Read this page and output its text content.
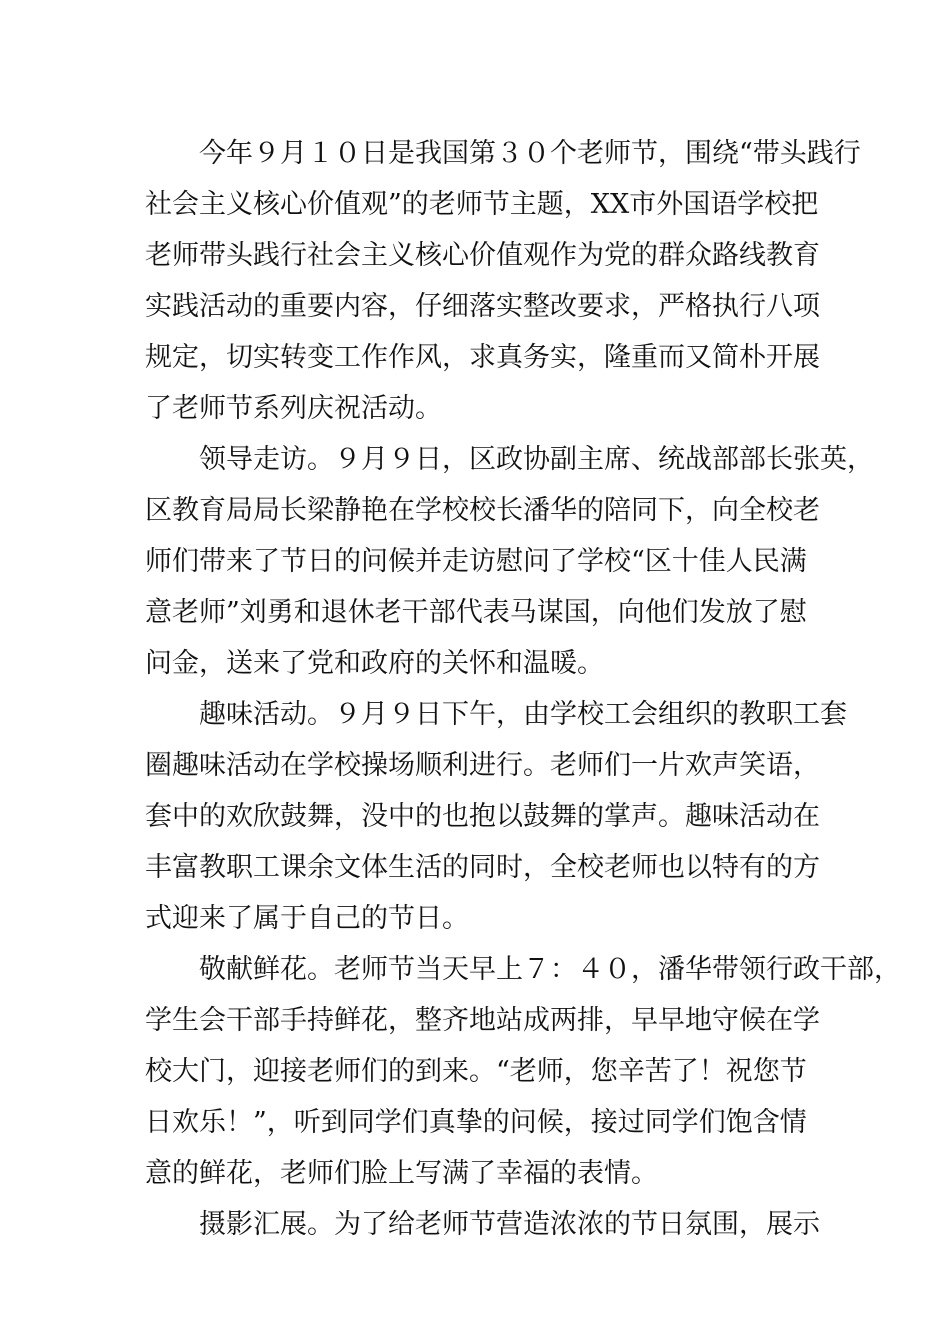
今年９月１０日是我国第３０个老师节，围绕“带头践行
社会主义核心价值观”的老师节主题，XX市外国语学校把
老师带头践行社会主义核心价值观作为党的群众路线教育
实践活动的重要内容，仔细落实整改要求，严格执行八项
规定，切实转变工作作风，求真务实，隆重而又简朴开展
了老师节系列庆祝活动。
领导走访。９月９日，区政协副主席、统战部部长张英，
区教育局局长梁静艳在学校校长潘华的陪同下，向全校老
师们带来了节日的问候并走访慰问了学校“区十佳人民满
意老师”刘勇和退休老干部代表马谋国，向他们发放了慰
问金，送来了党和政府的关怀和温暖。
趣味活动。９月９日下午，由学校工会组织的教职工套
圈趣味活动在学校操场顺利进行。老师们一片欢声笑语，
套中的欢欣鼓舞，没中的也抱以鼓舞的掌声。趣味活动在
丰富教职工课余文体生活的同时，全校老师也以特有的方
式迎来了属于自己的节日。
敬献鲜花。老师节当天早上７：４０，潘华带领行政干部，
学生会干部手持鲜花，整齐地站成两排，早早地守候在学
校大门，迎接老师们的到来。“老师，您辛苦了！祝您节
日欢乐！”，听到同学们真挚的问候，接过同学们饱含情
意的鲜花，老师们脸上写满了幸福的表情。
摄影汇展。为了给老师节营造浓浓的节日氛围，展示
